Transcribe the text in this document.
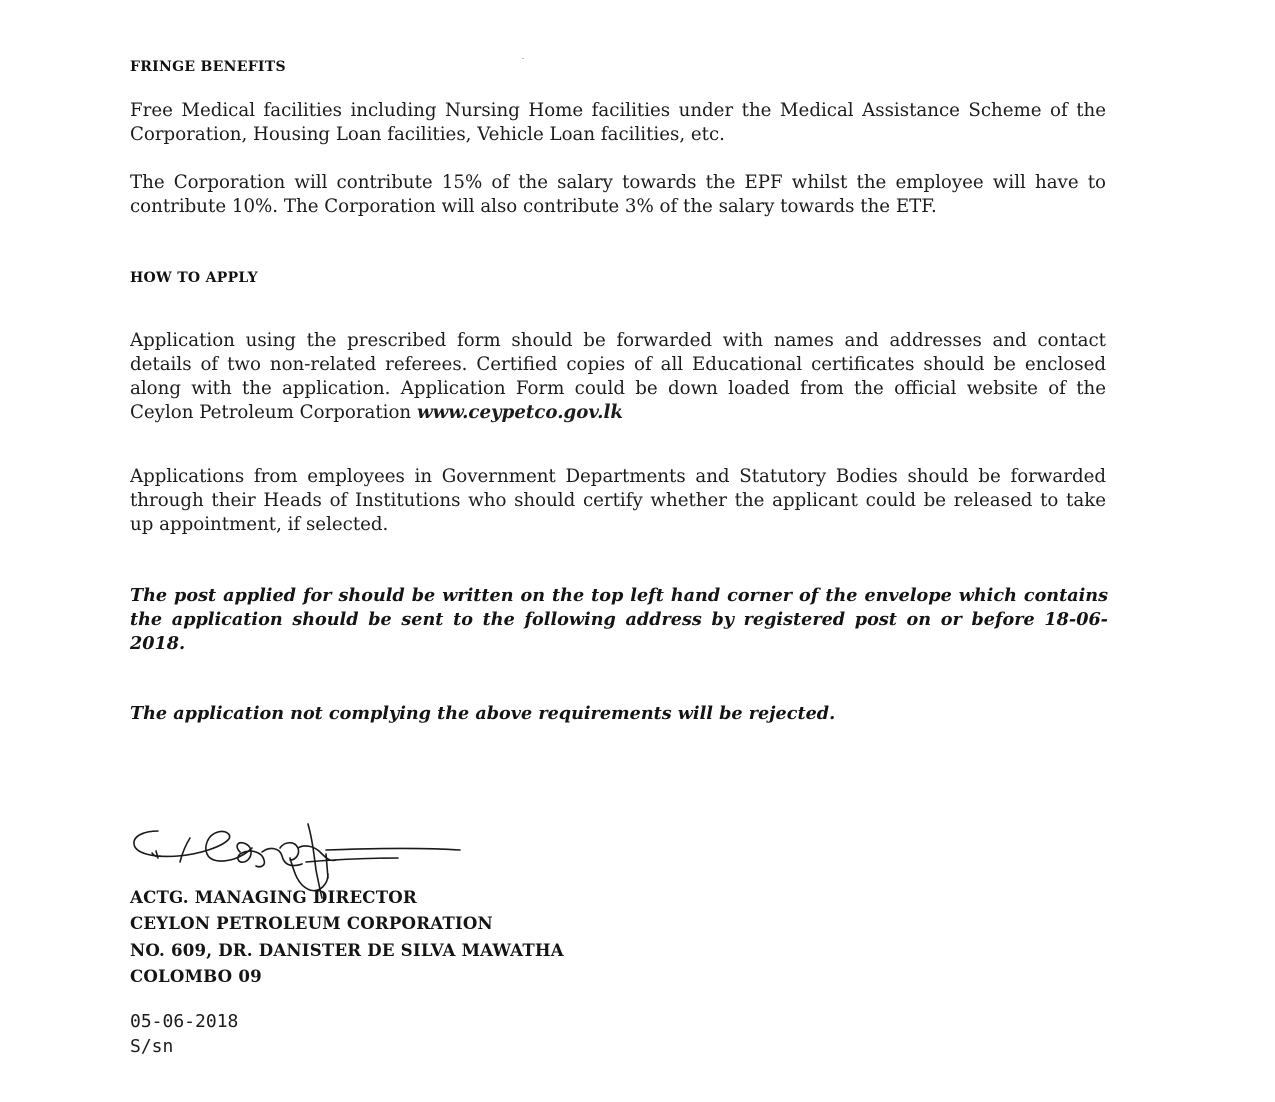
FRINGE BENEFITS
Free Medical facilities including Nursing Home facilities under the Medical Assistance Scheme of the Corporation, Housing Loan facilities, Vehicle Loan facilities, etc.
The Corporation will contribute 15% of the salary towards the EPF whilst the employee will have to contribute 10%. The Corporation will also contribute 3% of the salary towards the ETF.
HOW TO APPLY
Application using the prescribed form should be forwarded with names and addresses and contact details of two non-related referees. Certified copies of all Educational certificates should be enclosed along with the application. Application Form could be down loaded from the official website of the Ceylon Petroleum Corporation www.ceypetco.gov.lk
Applications from employees in Government Departments and Statutory Bodies should be forwarded through their Heads of Institutions who should certify whether the applicant could be released to take up appointment, if selected.
The post applied for should be written on the top left hand corner of the envelope which contains the application should be sent to the following address by registered post on or before 18-06-2018.
The application not complying the above requirements will be rejected.
ACTG. MANAGING DIRECTOR
CEYLON PETROLEUM CORPORATION
NO. 609, DR. DANISTER DE SILVA MAWATHA
COLOMBO 09
05-06-2018
S/sn
